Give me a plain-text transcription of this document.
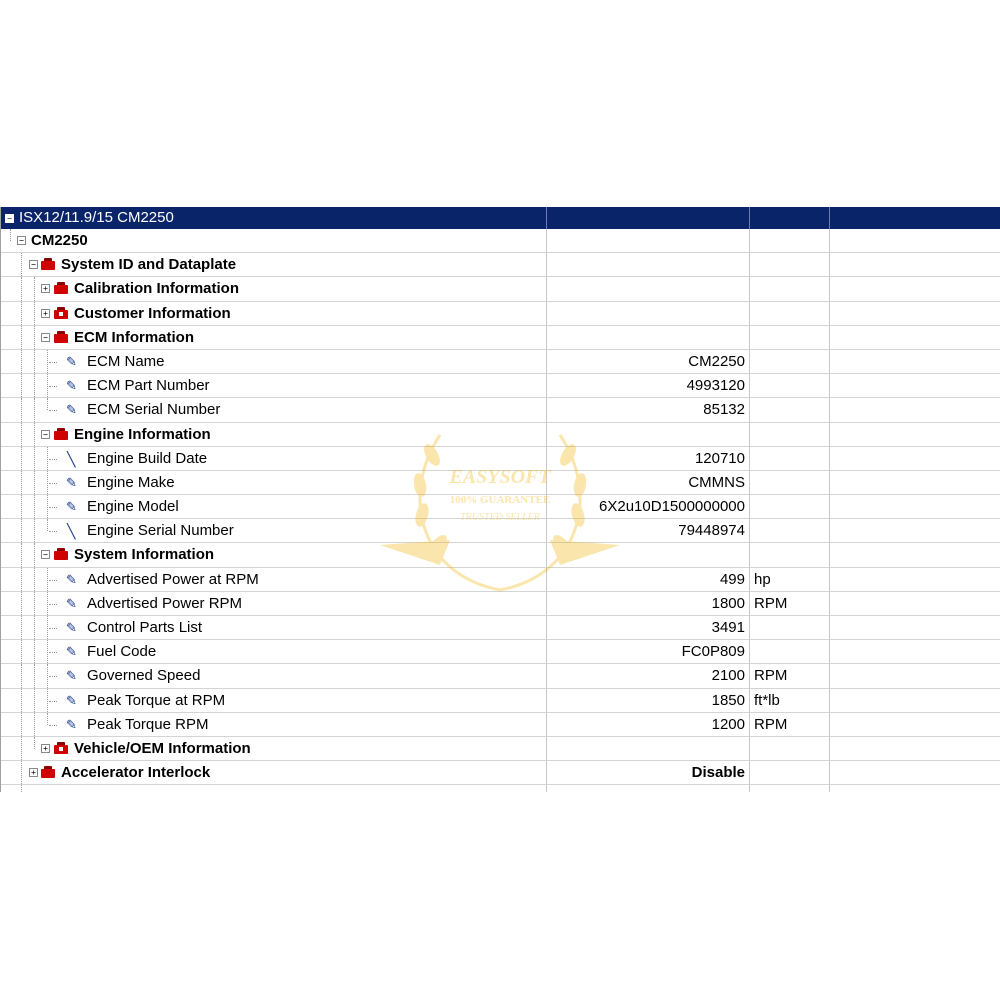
− ISX12/11.9/15 CM2250
− CM2250
− System ID and Dataplate
+ Calibration Information
+ Customer Information
− ECM Information
✎ ECM Name	CM2250
✎ ECM Part Number	4993120
✎ ECM Serial Number	85132
− Engine Information
╲ Engine Build Date	120710
✎ Engine Make	CMMNS
✎ Engine Model	6X2u10D1500000000
╲ Engine Serial Number	79448974
− System Information
✎ Advertised Power at RPM	499 hp
✎ Advertised Power RPM	1800 RPM
✎ Control Parts List	3491
✎ Fuel Code	FC0P809
✎ Governed Speed	2100 RPM
✎ Peak Torque at RPM	1850 ft*lb
✎ Peak Torque RPM	1200 RPM
+ Vehicle/OEM Information
+ Accelerator Interlock	Disable
EASYSOFT
100% GUARANTEE
TRUSTED SELLER
